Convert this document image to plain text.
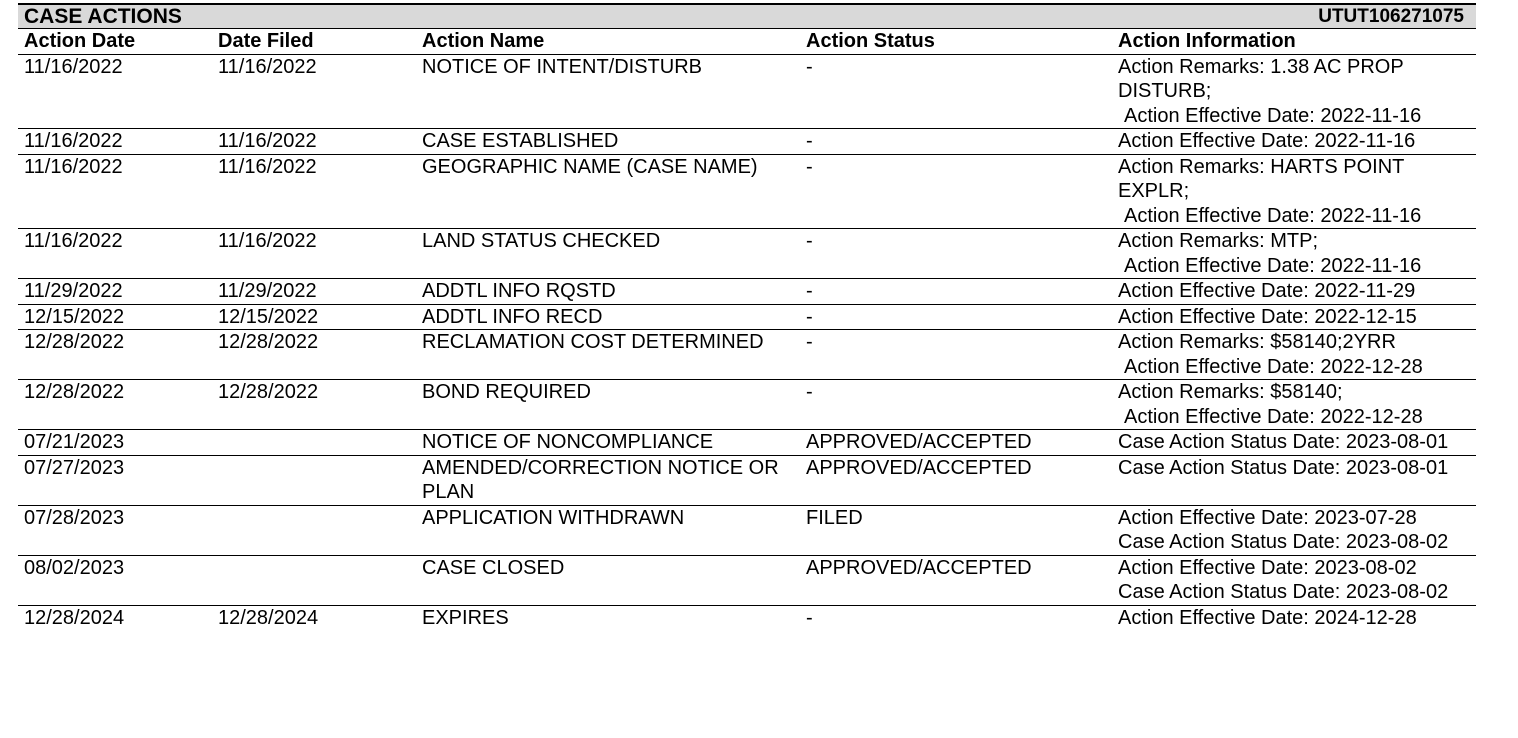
CASE ACTIONS	UTUT106271075
Action Date	Date Filed	Action Name	Action Status	Action Information
11/16/2022	11/16/2022	NOTICE OF INTENT/DISTURB	-	Action Remarks: 1.38 AC PROP DISTURB;
Action Effective Date: 2022-11-16

11/16/2022	11/16/2022	CASE ESTABLISHED	-	Action Effective Date: 2022-11-16

11/16/2022	11/16/2022	GEOGRAPHIC NAME (CASE NAME)	-	Action Remarks: HARTS POINT EXPLR;
Action Effective Date: 2022-11-16

11/16/2022	11/16/2022	LAND STATUS CHECKED	-	Action Remarks: MTP;
Action Effective Date: 2022-11-16

11/29/2022	11/29/2022	ADDTL INFO RQSTD	-	Action Effective Date: 2022-11-29

12/15/2022	12/15/2022	ADDTL INFO RECD	-	Action Effective Date: 2022-12-15

12/28/2022	12/28/2022	RECLAMATION COST DETERMINED	-	Action Remarks: $58140;2YRR
Action Effective Date: 2022-12-28

12/28/2022	12/28/2022	BOND REQUIRED	-	Action Remarks: $58140;
Action Effective Date: 2022-12-28

07/21/2023		NOTICE OF NONCOMPLIANCE	APPROVED/ACCEPTED	Case Action Status Date: 2023-08-01

07/27/2023		AMENDED/CORRECTION NOTICE OR PLAN	APPROVED/ACCEPTED	Case Action Status Date: 2023-08-01

07/28/2023		APPLICATION WITHDRAWN	FILED	Action Effective Date: 2023-07-28
Case Action Status Date: 2023-08-02

08/02/2023		CASE CLOSED	APPROVED/ACCEPTED	Action Effective Date: 2023-08-02
Case Action Status Date: 2023-08-02

12/28/2024	12/28/2024	EXPIRES	-	Action Effective Date: 2024-12-28
